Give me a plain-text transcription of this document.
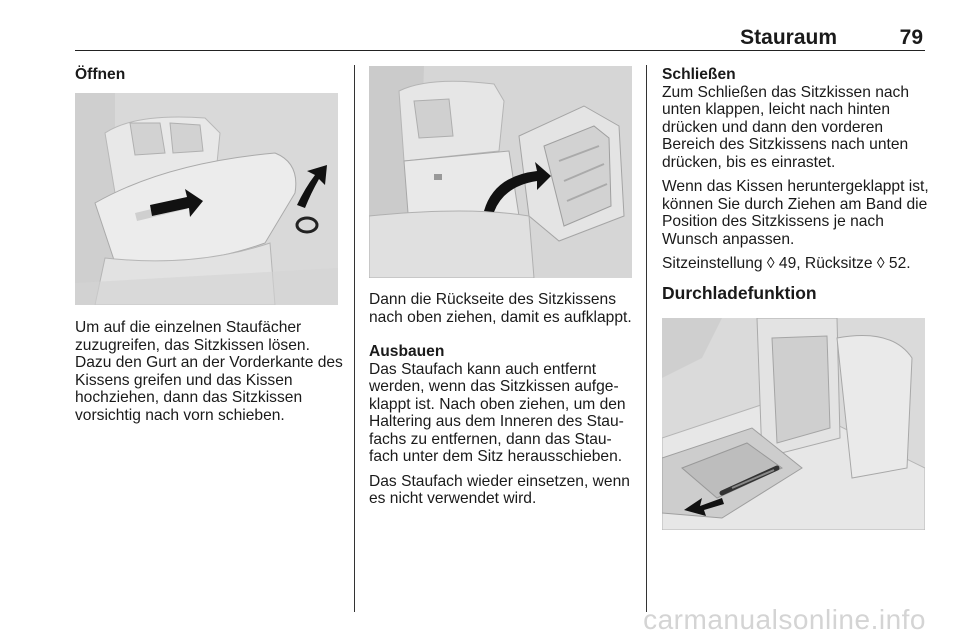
Stauraum	79
Öffnen

Um auf die einzelnen Staufächer zuzugreifen, das Sitzkissen lösen. Dazu den Gurt an der Vorderkante des Kissens greifen und das Kissen hochziehen, dann das Sitzkissen vorsichtig nach vorn schieben.

Dann die Rückseite des Sitzkissens nach oben ziehen, damit es aufklappt.

Ausbauen

Das Staufach kann auch entfernt werden, wenn das Sitzkissen aufge‐klappt ist. Nach oben ziehen, um den Haltering aus dem Inneren des Stau‐fachs zu entfernen, dann das Stau‐fach unter dem Sitz herausschieben.

Das Staufach wieder einsetzen, wenn es nicht verwendet wird.

Schließen

Zum Schließen das Sitzkissen nach unten klappen, leicht nach hinten drücken und dann den vorderen Bereich des Sitzkissens nach unten drücken, bis es einrastet.

Wenn das Kissen heruntergeklappt ist, können Sie durch Ziehen am Band die Position des Sitzkissens je nach Wunsch anpassen.

Sitzeinstellung ◊ 49, Rücksitze ◊ 52.

Durchladefunktion
carmanualsonline.info
